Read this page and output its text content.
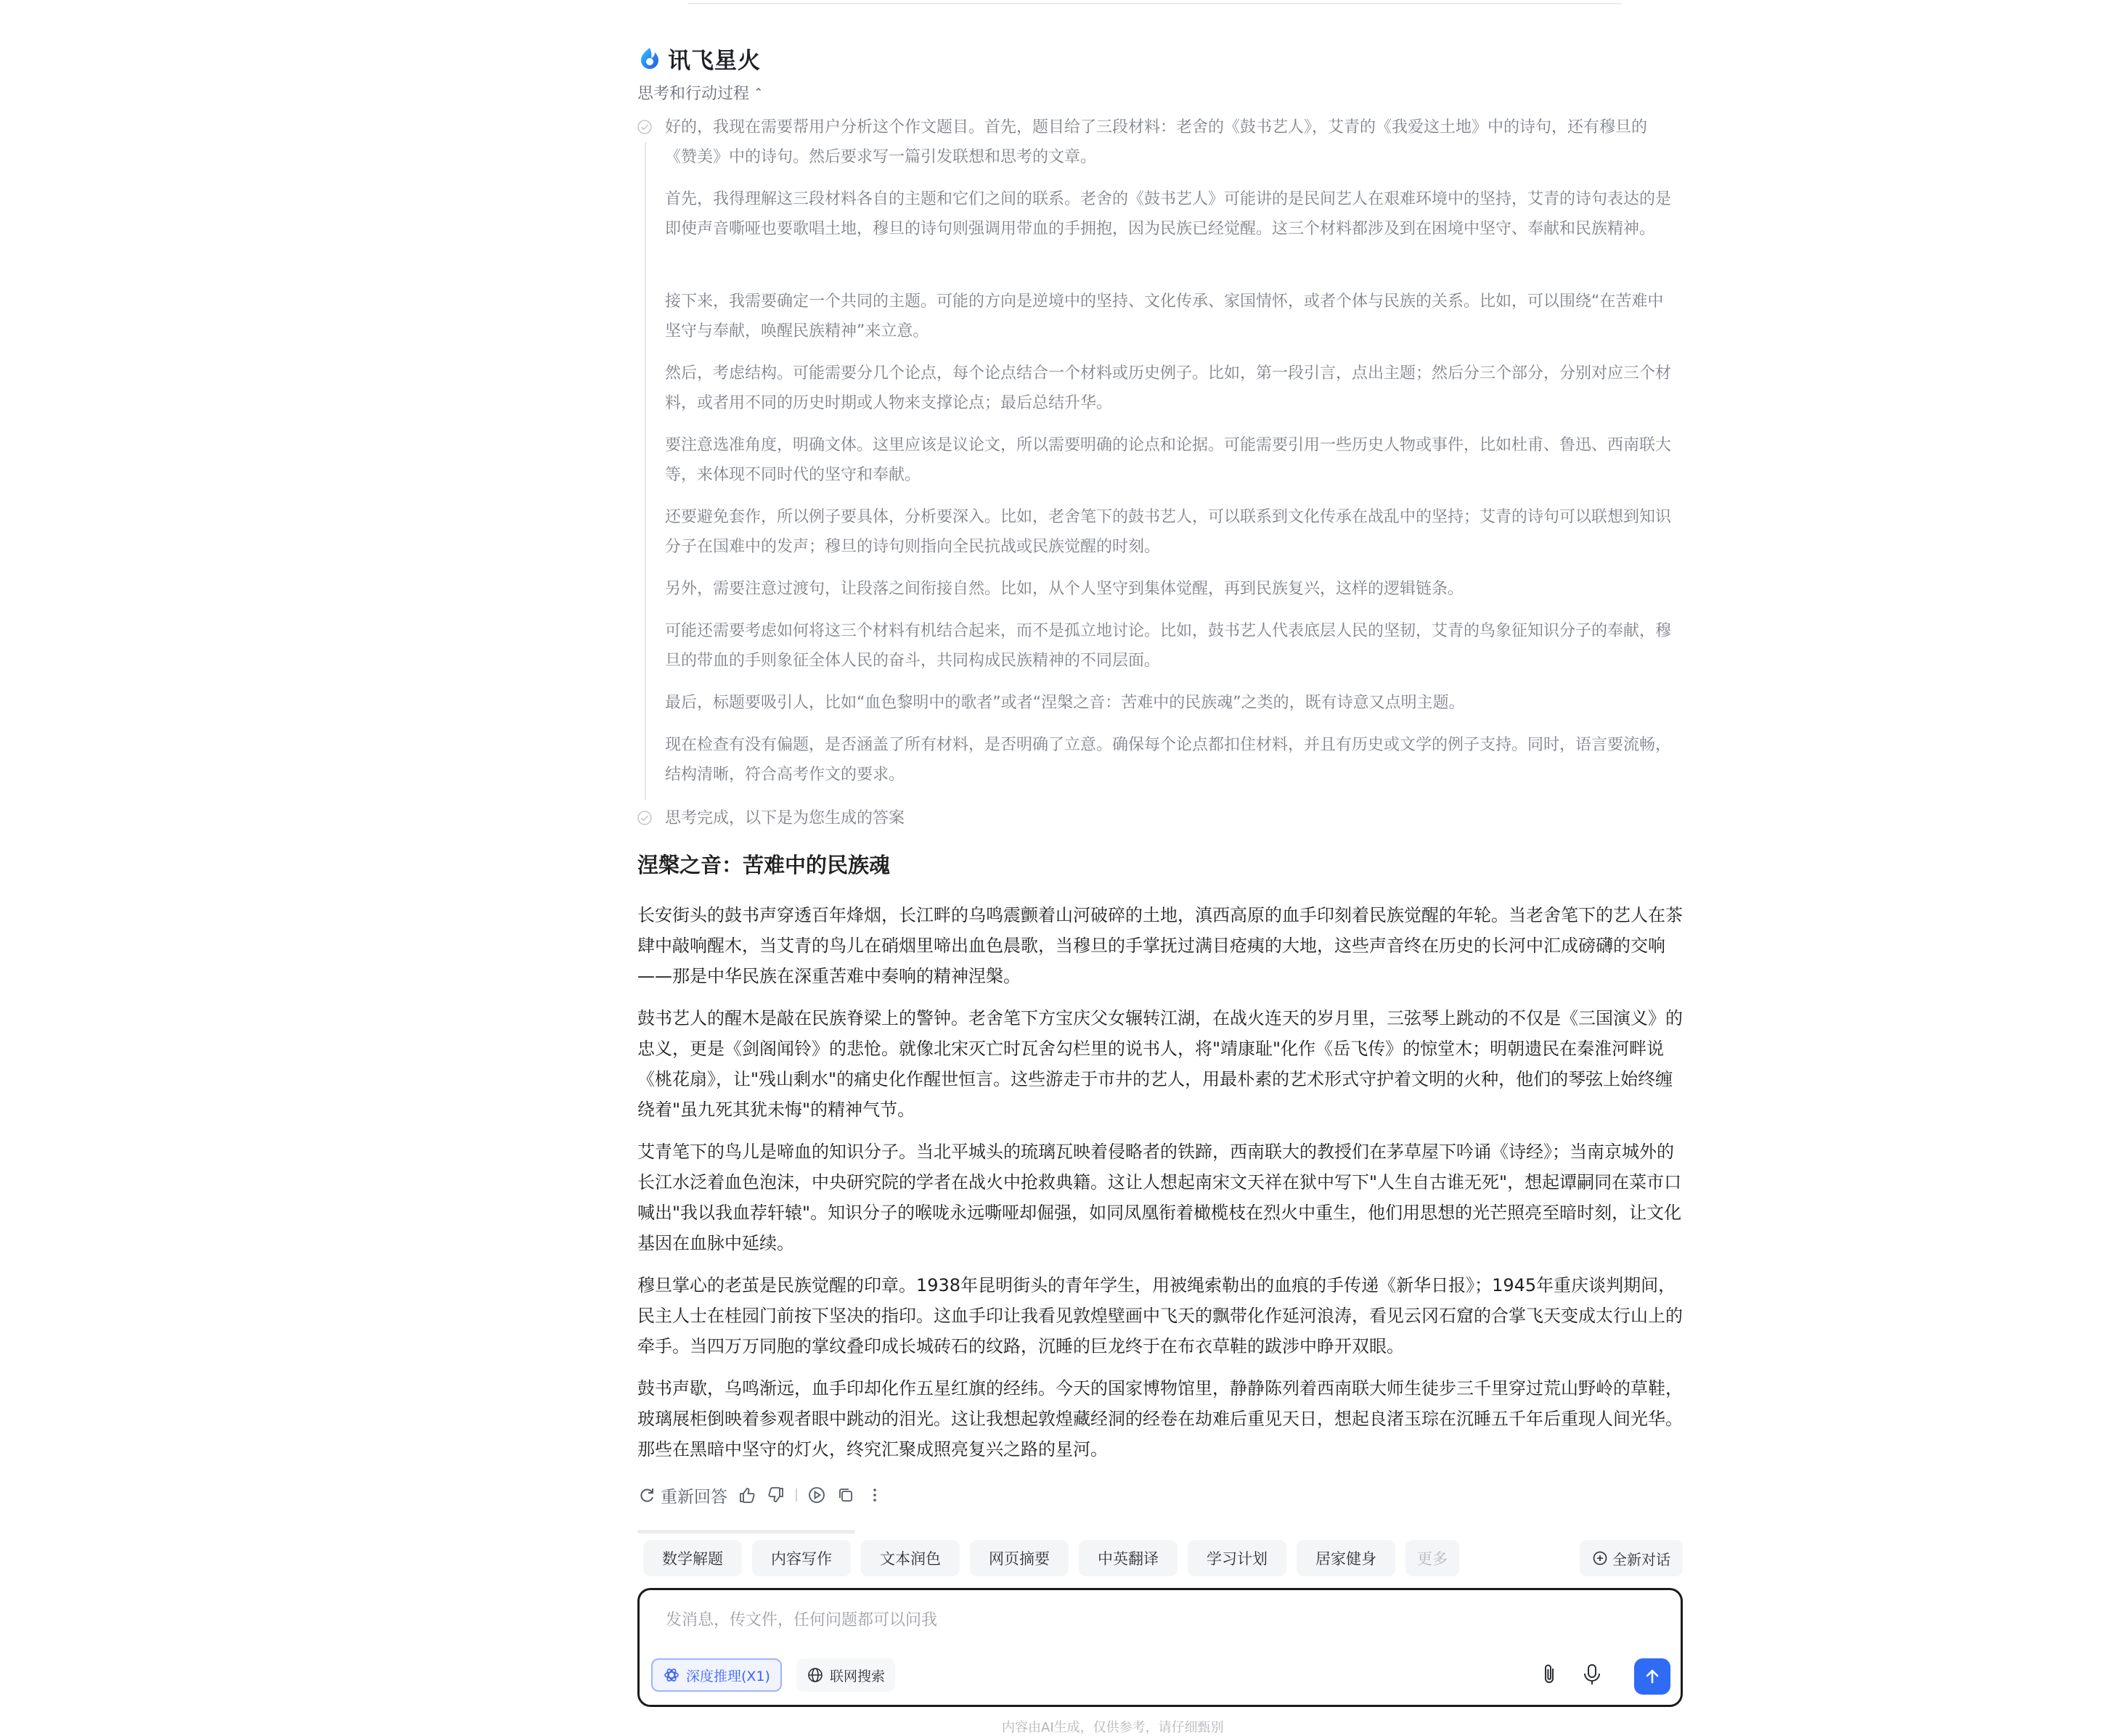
讯飞星火
思考和行动过程 ⌃

好的，我现在需要帮用户分析这个作文题目。首先，题目给了三段材料：老舍的《鼓书艺人》，艾青的《我爱这土地》中的诗句，还有穆旦的《赞美》中的诗句。然后要求写一篇引发联想和思考的文章。

首先，我得理解这三段材料各自的主题和它们之间的联系。老舍的《鼓书艺人》可能讲的是民间艺人在艰难环境中的坚持，艾青的诗句表达的是即使声音嘶哑也要歌唱土地，穆旦的诗句则强调用带血的手拥抱，因为民族已经觉醒。这三个材料都涉及到在困境中坚守、奉献和民族精神。

接下来，我需要确定一个共同的主题。可能的方向是逆境中的坚持、文化传承、家国情怀，或者个体与民族的关系。比如，可以围绕“在苦难中坚守与奉献，唤醒民族精神”来立意。

然后，考虑结构。可能需要分几个论点，每个论点结合一个材料或历史例子。比如，第一段引言，点出主题；然后分三个部分，分别对应三个材料，或者用不同的历史时期或人物来支撑论点；最后总结升华。

要注意选准角度，明确文体。这里应该是议论文，所以需要明确的论点和论据。可能需要引用一些历史人物或事件，比如杜甫、鲁迅、西南联大等，来体现不同时代的坚守和奉献。

还要避免套作，所以例子要具体，分析要深入。比如，老舍笔下的鼓书艺人，可以联系到文化传承在战乱中的坚持；艾青的诗句可以联想到知识分子在国难中的发声；穆旦的诗句则指向全民抗战或民族觉醒的时刻。

另外，需要注意过渡句，让段落之间衔接自然。比如，从个人坚守到集体觉醒，再到民族复兴，这样的逻辑链条。

可能还需要考虑如何将这三个材料有机结合起来，而不是孤立地讨论。比如，鼓书艺人代表底层人民的坚韧，艾青的鸟象征知识分子的奉献，穆旦的带血的手则象征全体人民的奋斗，共同构成民族精神的不同层面。

最后，标题要吸引人，比如“血色黎明中的歌者”或者“涅槃之音：苦难中的民族魂”之类的，既有诗意又点明主题。

现在检查有没有偏题，是否涵盖了所有材料，是否明确了立意。确保每个论点都扣住材料，并且有历史或文学的例子支持。同时，语言要流畅，结构清晰，符合高考作文的要求。

思考完成，以下是为您生成的答案

涅槃之音：苦难中的民族魂

长安街头的鼓书声穿透百年烽烟，长江畔的乌鸣震颤着山河破碎的土地，滇西高原的血手印刻着民族觉醒的年轮。当老舍笔下的艺人在茶肆中敲响醒木，当艾青的鸟儿在硝烟里啼出血色晨歌，当穆旦的手掌抚过满目疮痍的大地，这些声音终在历史的长河中汇成磅礴的交响——那是中华民族在深重苦难中奏响的精神涅槃。

鼓书艺人的醒木是敲在民族脊梁上的警钟。老舍笔下方宝庆父女辗转江湖，在战火连天的岁月里，三弦琴上跳动的不仅是《三国演义》的忠义，更是《剑阁闻铃》的悲怆。就像北宋灭亡时瓦舍勾栏里的说书人，将"靖康耻"化作《岳飞传》的惊堂木；明朝遗民在秦淮河畔说《桃花扇》，让"残山剩水"的痛史化作醒世恒言。这些游走于市井的艺人，用最朴素的艺术形式守护着文明的火种，他们的琴弦上始终缠绕着"虽九死其犹未悔"的精神气节。

艾青笔下的鸟儿是啼血的知识分子。当北平城头的琉璃瓦映着侵略者的铁蹄，西南联大的教授们在茅草屋下吟诵《诗经》；当南京城外的长江水泛着血色泡沫，中央研究院的学者在战火中抢救典籍。这让人想起南宋文天祥在狱中写下"人生自古谁无死"，想起谭嗣同在菜市口喊出"我以我血荐轩辕"。知识分子的喉咙永远嘶哑却倔强，如同凤凰衔着橄榄枝在烈火中重生，他们用思想的光芒照亮至暗时刻，让文化基因在血脉中延续。

穆旦掌心的老茧是民族觉醒的印章。1938年昆明街头的青年学生，用被绳索勒出的血痕的手传递《新华日报》；1945年重庆谈判期间，民主人士在桂园门前按下坚决的指印。这血手印让我看见敦煌壁画中飞天的飘带化作延河浪涛，看见云冈石窟的合掌飞天变成太行山上的牵手。当四万万同胞的掌纹叠印成长城砖石的纹路，沉睡的巨龙终于在布衣草鞋的跋涉中睁开双眼。

鼓书声歇，乌鸣渐远，血手印却化作五星红旗的经纬。今天的国家博物馆里，静静陈列着西南联大师生徒步三千里穿过荒山野岭的草鞋，玻璃展柜倒映着参观者眼中跳动的泪光。这让我想起敦煌藏经洞的经卷在劫难后重见天日，想起良渚玉琮在沉睡五千年后重现人间光华。那些在黑暗中坚守的灯火，终究汇聚成照亮复兴之路的星河。

重新回答
数学解题	内容写作	文本润色	网页摘要	中英翻译	学习计划	居家健身	更多	全新对话
发消息，传文件，任何问题都可以问我
深度推理(X1)	联网搜索
内容由AI生成，仅供参考，请仔细甄别
